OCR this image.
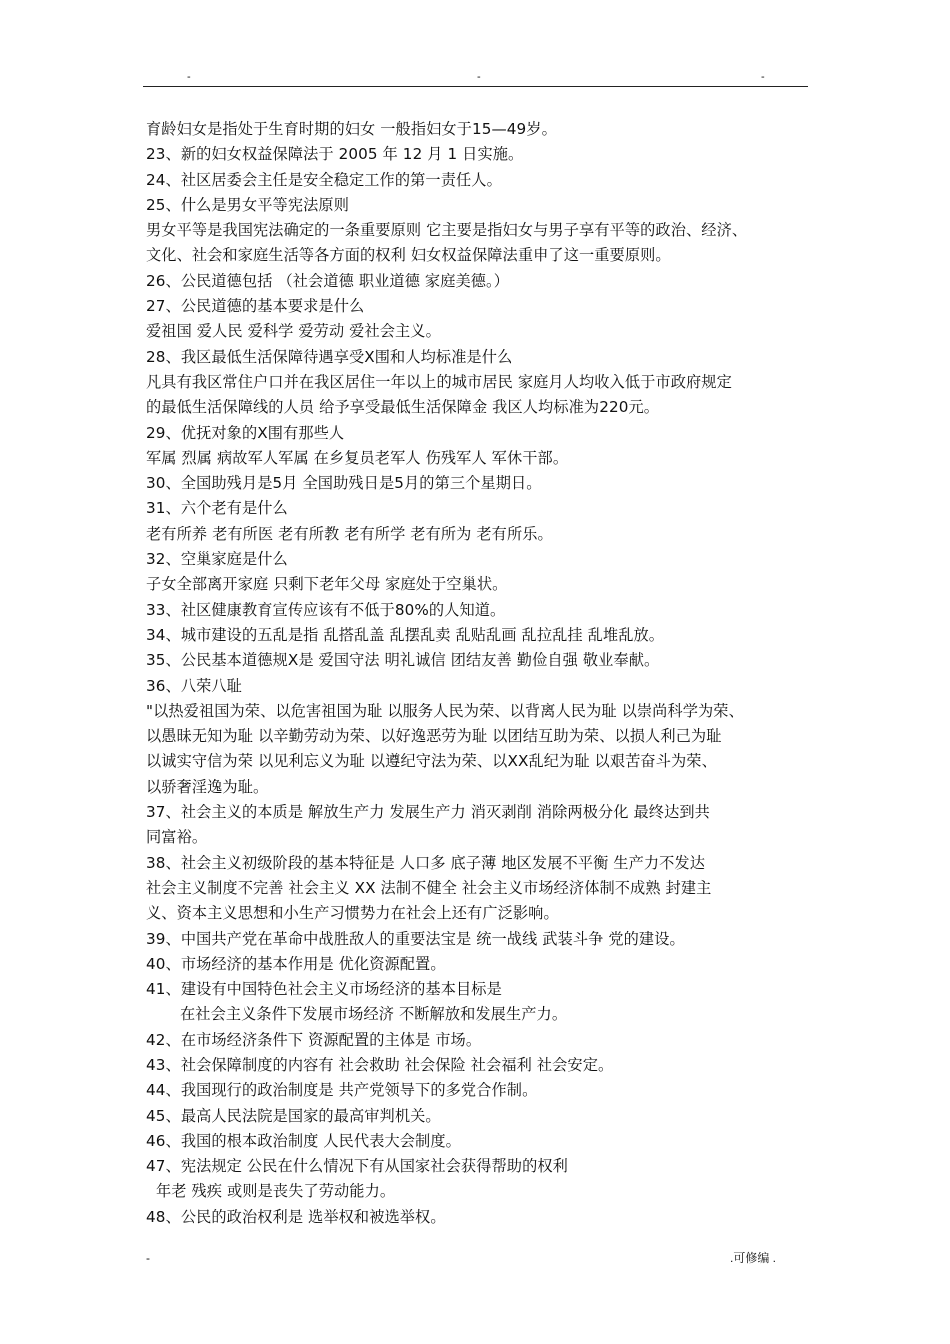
-	-	-
育龄妇女是指处于生育时期的妇女 一般指妇女于15—49岁。
23、新的妇女权益保障法于 2005 年 12 月 1 日实施。
24、社区居委会主任是安全稳定工作的第一责任人。
25、什么是男女平等宪法原则
男女平等是我国宪法确定的一条重要原则 它主要是指妇女与男子享有平等的政治、经济、
文化、社会和家庭生活等各方面的权利 妇女权益保障法重申了这一重要原则。
26、公民道德包括 （社会道德 职业道德 家庭美德。）
27、公民道德的基本要求是什么
爱祖国 爱人民 爱科学 爱劳动 爱社会主义。
28、我区最低生活保障待遇享受X围和人均标准是什么
凡具有我区常住户口并在我区居住一年以上的城市居民 家庭月人均收入低于市政府规定
的最低生活保障线的人员 给予享受最低生活保障金 我区人均标准为220元。
29、优抚对象的X围有那些人
军属 烈属 病故军人军属 在乡复员老军人 伤残军人 军休干部。
30、全国助残月是5月 全国助残日是5月的第三个星期日。
31、六个老有是什么
老有所养 老有所医 老有所教 老有所学 老有所为 老有所乐。
32、空巢家庭是什么
子女全部离开家庭 只剩下老年父母 家庭处于空巢状。
33、社区健康教育宣传应该有不低于80%的人知道。
34、城市建设的五乱是指 乱搭乱盖 乱摆乱卖 乱贴乱画 乱拉乱挂 乱堆乱放。
35、公民基本道德规X是 爱国守法 明礼诚信 团结友善 勤俭自强 敬业奉献。
36、八荣八耻
"以热爱祖国为荣、以危害祖国为耻 以服务人民为荣、以背离人民为耻 以崇尚科学为荣、
以愚昧无知为耻 以辛勤劳动为荣、以好逸恶劳为耻 以团结互助为荣、以损人利己为耻
以诚实守信为荣 以见利忘义为耻 以遵纪守法为荣、以XX乱纪为耻 以艰苦奋斗为荣、
以骄奢淫逸为耻。
37、社会主义的本质是 解放生产力 发展生产力 消灭剥削 消除两极分化 最终达到共
同富裕。
38、社会主义初级阶段的基本特征是 人口多 底子薄 地区发展不平衡 生产力不发达
社会主义制度不完善 社会主义 XX 法制不健全 社会主义市场经济体制不成熟 封建主
义、资本主义思想和小生产习惯势力在社会上还有广泛影响。
39、中国共产党在革命中战胜敌人的重要法宝是 统一战线 武装斗争 党的建设。
40、市场经济的基本作用是 优化资源配置。
41、建设有中国特色社会主义市场经济的基本目标是
在社会主义条件下发展市场经济 不断解放和发展生产力。
42、在市场经济条件下 资源配置的主体是 市场。
43、社会保障制度的内容有 社会救助 社会保险 社会福利 社会安定。
44、我国现行的政治制度是 共产党领导下的多党合作制。
45、最高人民法院是国家的最高审判机关。
46、我国的根本政治制度 人民代表大会制度。
47、宪法规定 公民在什么情况下有从国家社会获得帮助的权利
年老 残疾 或则是丧失了劳动能力。
48、公民的政治权利是 选举权和被选举权。
-	.可修编 .
